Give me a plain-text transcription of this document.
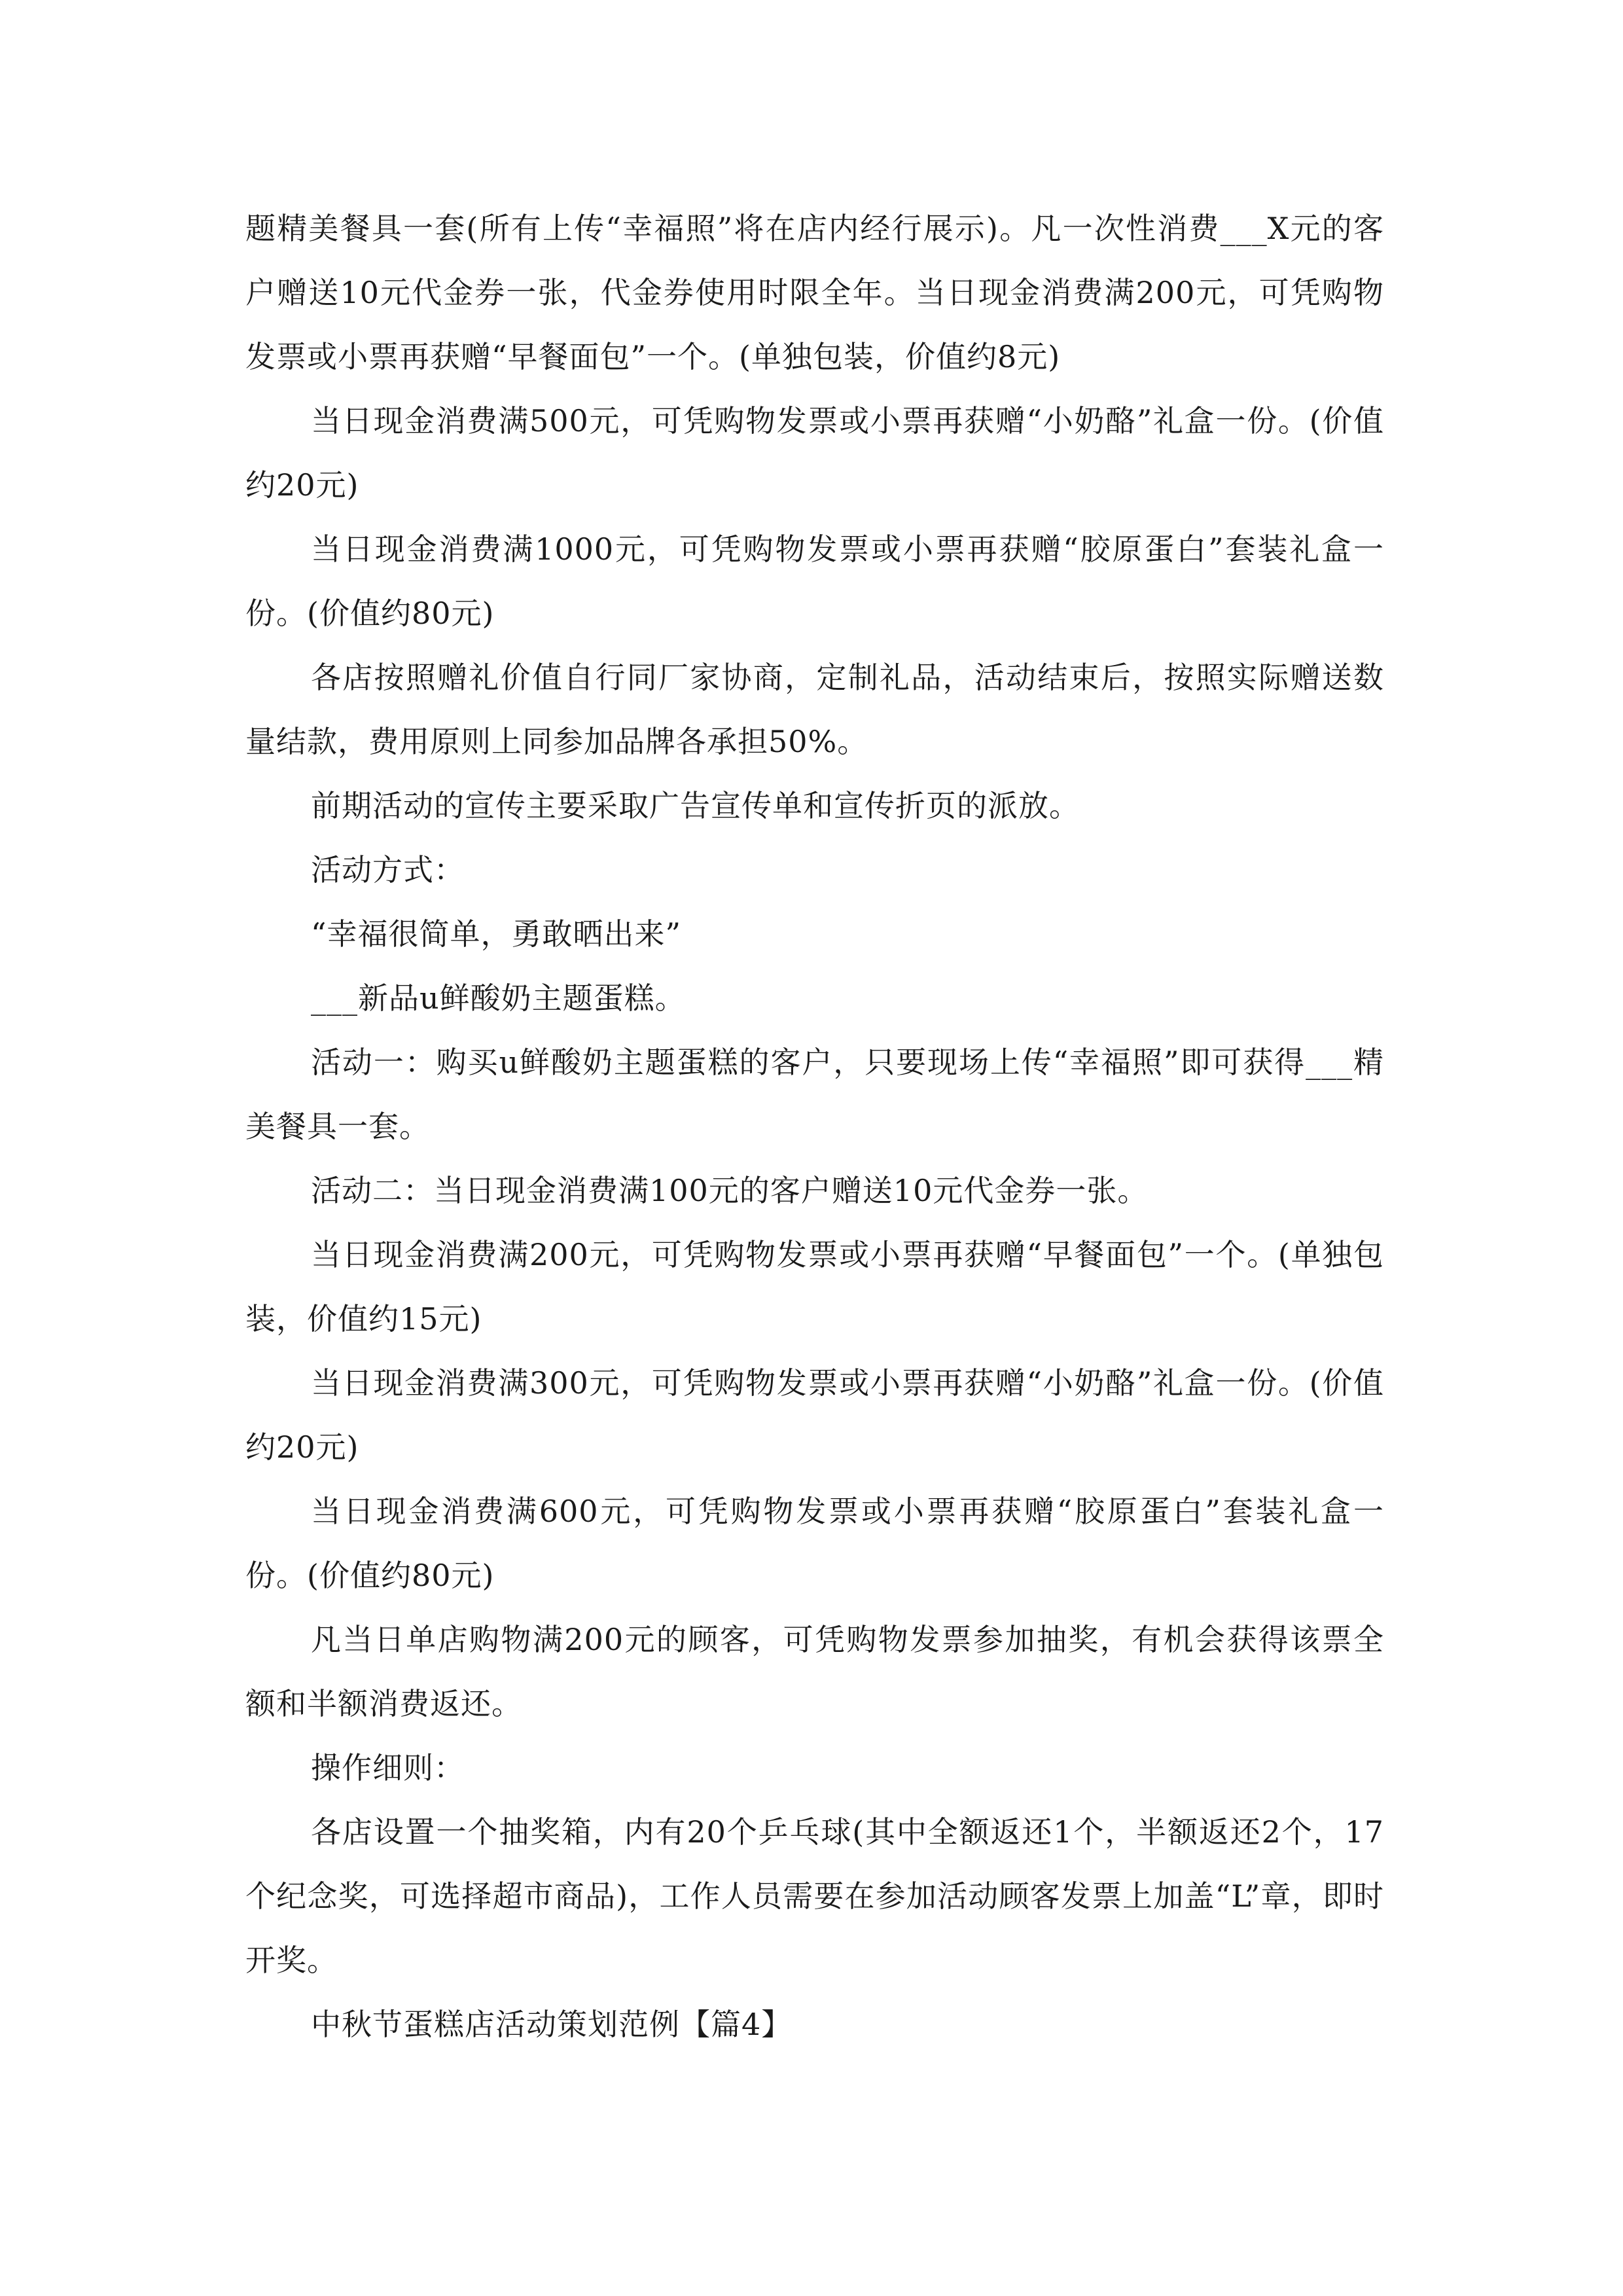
题精美餐具一套(所有上传“幸福照”将在店内经行展示)。凡一次性消费___X元的客户赠送10元代金券一张，代金券使用时限全年。当日现金消费满200元，可凭购物发票或小票再获赠“早餐面包”一个。(单独包装，价值约8元)

当日现金消费满500元，可凭购物发票或小票再获赠“小奶酪”礼盒一份。(价值约20元)

当日现金消费满1000元，可凭购物发票或小票再获赠“胶原蛋白”套装礼盒一份。(价值约80元)

各店按照赠礼价值自行同厂家协商，定制礼品，活动结束后，按照实际赠送数量结款，费用原则上同参加品牌各承担50%。

前期活动的宣传主要采取广告宣传单和宣传折页的派放。

活动方式：

“幸福很简单，勇敢晒出来”

___新品u鲜酸奶主题蛋糕。

活动一：购买u鲜酸奶主题蛋糕的客户，只要现场上传“幸福照”即可获得___精美餐具一套。

活动二：当日现金消费满100元的客户赠送10元代金券一张。

当日现金消费满200元，可凭购物发票或小票再获赠“早餐面包”一个。(单独包装，价值约15元)

当日现金消费满300元，可凭购物发票或小票再获赠“小奶酪”礼盒一份。(价值约20元)

当日现金消费满600元，可凭购物发票或小票再获赠“胶原蛋白”套装礼盒一份。(价值约80元)

凡当日单店购物满200元的顾客，可凭购物发票参加抽奖，有机会获得该票全额和半额消费返还。

操作细则：

各店设置一个抽奖箱，内有20个乒乓球(其中全额返还1个，半额返还2个，17个纪念奖，可选择超市商品)，工作人员需要在参加活动顾客发票上加盖“L”章，即时开奖。

中秋节蛋糕店活动策划范例【篇4】
